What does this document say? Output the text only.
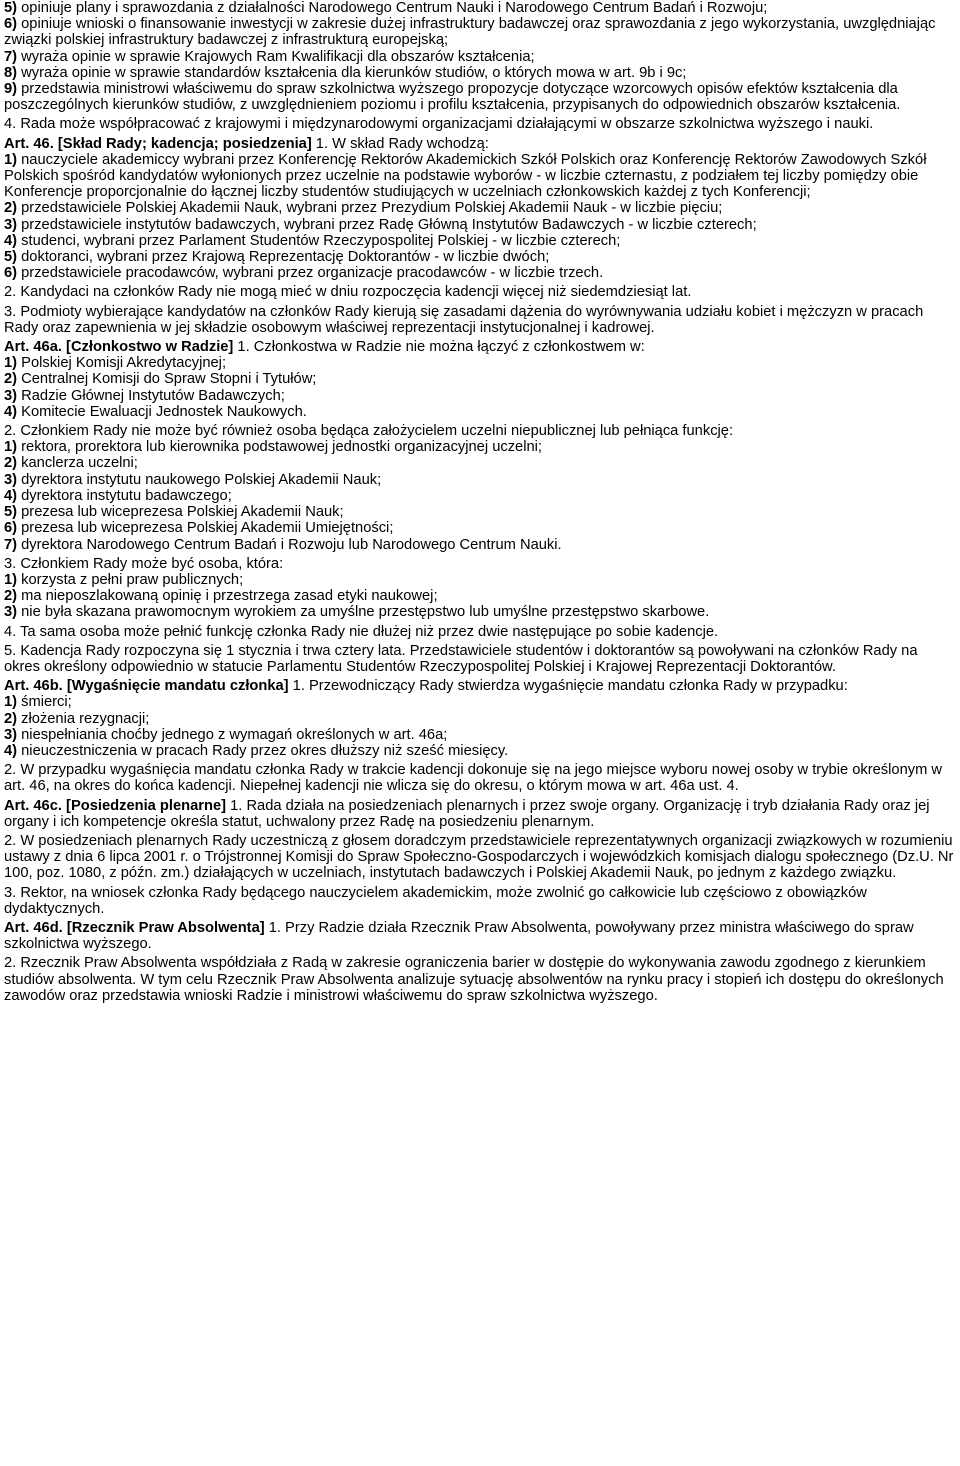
5) opiniuje plany i sprawozdania z działalności Narodowego Centrum Nauki i Narodowego Centrum Badań i Rozwoju;

6) opiniuje wnioski o finansowanie inwestycji w zakresie dużej infrastruktury badawczej oraz sprawozdania z jego wykorzystania, uwzględniając związki polskiej infrastruktury badawczej z infrastrukturą europejską;

7) wyraża opinie w sprawie Krajowych Ram Kwalifikacji dla obszarów kształcenia;

8) wyraża opinie w sprawie standardów kształcenia dla kierunków studiów, o których mowa w art. 9b i 9c;

9) przedstawia ministrowi właściwemu do spraw szkolnictwa wyższego propozycje dotyczące wzorcowych opisów efektów kształcenia dla poszczególnych kierunków studiów, z uwzględnieniem poziomu i profilu kształcenia, przypisanych do odpowiednich obszarów kształcenia.

4. Rada może współpracować z krajowymi i międzynarodowymi organizacjami działającymi w obszarze szkolnictwa wyższego i nauki.

Art. 46. [Skład Rady; kadencja; posiedzenia] 1. W skład Rady wchodzą:

1) nauczyciele akademiccy wybrani przez Konferencję Rektorów Akademickich Szkół Polskich oraz Konferencję Rektorów Zawodowych Szkół Polskich spośród kandydatów wyłonionych przez uczelnie na podstawie wyborów - w liczbie czternastu, z podziałem tej liczby pomiędzy obie Konferencje proporcjonalnie do łącznej liczby studentów studiujących w uczelniach członkowskich każdej z tych Konferencji;

2) przedstawiciele Polskiej Akademii Nauk, wybrani przez Prezydium Polskiej Akademii Nauk - w liczbie pięciu;

3) przedstawiciele instytutów badawczych, wybrani przez Radę Główną Instytutów Badawczych - w liczbie czterech;

4) studenci, wybrani przez Parlament Studentów Rzeczypospolitej Polskiej - w liczbie czterech;

5) doktoranci, wybrani przez Krajową Reprezentację Doktorantów - w liczbie dwóch;

6) przedstawiciele pracodawców, wybrani przez organizacje pracodawców - w liczbie trzech.

2. Kandydaci na członków Rady nie mogą mieć w dniu rozpoczęcia kadencji więcej niż siedemdziesiąt lat.

3. Podmioty wybierające kandydatów na członków Rady kierują się zasadami dążenia do wyrównywania udziału kobiet i mężczyzn w pracach Rady oraz zapewnienia w jej składzie osobowym właściwej reprezentacji instytucjonalnej i kadrowej.

Art. 46a. [Członkostwo w Radzie] 1. Członkostwa w Radzie nie można łączyć z członkostwem w:

1) Polskiej Komisji Akredytacyjnej;

2) Centralnej Komisji do Spraw Stopni i Tytułów;

3) Radzie Głównej Instytutów Badawczych;

4) Komitecie Ewaluacji Jednostek Naukowych.

2. Członkiem Rady nie może być również osoba będąca założycielem uczelni niepublicznej lub pełniąca funkcję:

1) rektora, prorektora lub kierownika podstawowej jednostki organizacyjnej uczelni;

2) kanclerza uczelni;

3) dyrektora instytutu naukowego Polskiej Akademii Nauk;

4) dyrektora instytutu badawczego;

5) prezesa lub wiceprezesa Polskiej Akademii Nauk;

6) prezesa lub wiceprezesa Polskiej Akademii Umiejętności;

7) dyrektora Narodowego Centrum Badań i Rozwoju lub Narodowego Centrum Nauki.

3. Członkiem Rady może być osoba, która:

1) korzysta z pełni praw publicznych;

2) ma nieposzlakowaną opinię i przestrzega zasad etyki naukowej;

3) nie była skazana prawomocnym wyrokiem za umyślne przestępstwo lub umyślne przestępstwo skarbowe.

4. Ta sama osoba może pełnić funkcję członka Rady nie dłużej niż przez dwie następujące po sobie kadencje.

5. Kadencja Rady rozpoczyna się 1 stycznia i trwa cztery lata. Przedstawiciele studentów i doktorantów są powoływani na członków Rady na okres określony odpowiednio w statucie Parlamentu Studentów Rzeczypospolitej Polskiej i Krajowej Reprezentacji Doktorantów.

Art. 46b. [Wygaśnięcie mandatu członka] 1. Przewodniczący Rady stwierdza wygaśnięcie mandatu członka Rady w przypadku:

1) śmierci;

2) złożenia rezygnacji;

3) niespełniania choćby jednego z wymagań określonych w art. 46a;

4) nieuczestniczenia w pracach Rady przez okres dłuższy niż sześć miesięcy.

2. W przypadku wygaśnięcia mandatu członka Rady w trakcie kadencji dokonuje się na jego miejsce wyboru nowej osoby w trybie określonym w art. 46, na okres do końca kadencji. Niepełnej kadencji nie wlicza się do okresu, o którym mowa w art. 46a ust. 4.

Art. 46c. [Posiedzenia plenarne] 1. Rada działa na posiedzeniach plenarnych i przez swoje organy. Organizację i tryb działania Rady oraz jej organy i ich kompetencje określa statut, uchwalony przez Radę na posiedzeniu plenarnym.

2. W posiedzeniach plenarnych Rady uczestniczą z głosem doradczym przedstawiciele reprezentatywnych organizacji związkowych w rozumieniu ustawy z dnia 6 lipca 2001 r. o Trójstronnej Komisji do Spraw Społeczno-Gospodarczych i wojewódzkich komisjach dialogu społecznego (Dz.U. Nr 100, poz. 1080, z późn. zm.) działających w uczelniach, instytutach badawczych i Polskiej Akademii Nauk, po jednym z każdego związku.

3. Rektor, na wniosek członka Rady będącego nauczycielem akademickim, może zwolnić go całkowicie lub częściowo z obowiązków dydaktycznych.

Art. 46d. [Rzecznik Praw Absolwenta] 1. Przy Radzie działa Rzecznik Praw Absolwenta, powoływany przez ministra właściwego do spraw szkolnictwa wyższego.

2. Rzecznik Praw Absolwenta współdziała z Radą w zakresie ograniczenia barier w dostępie do wykonywania zawodu zgodnego z kierunkiem studiów absolwenta. W tym celu Rzecznik Praw Absolwenta analizuje sytuację absolwentów na rynku pracy i stopień ich dostępu do określonych zawodów oraz przedstawia wnioski Radzie i ministrowi właściwemu do spraw szkolnictwa wyższego.
